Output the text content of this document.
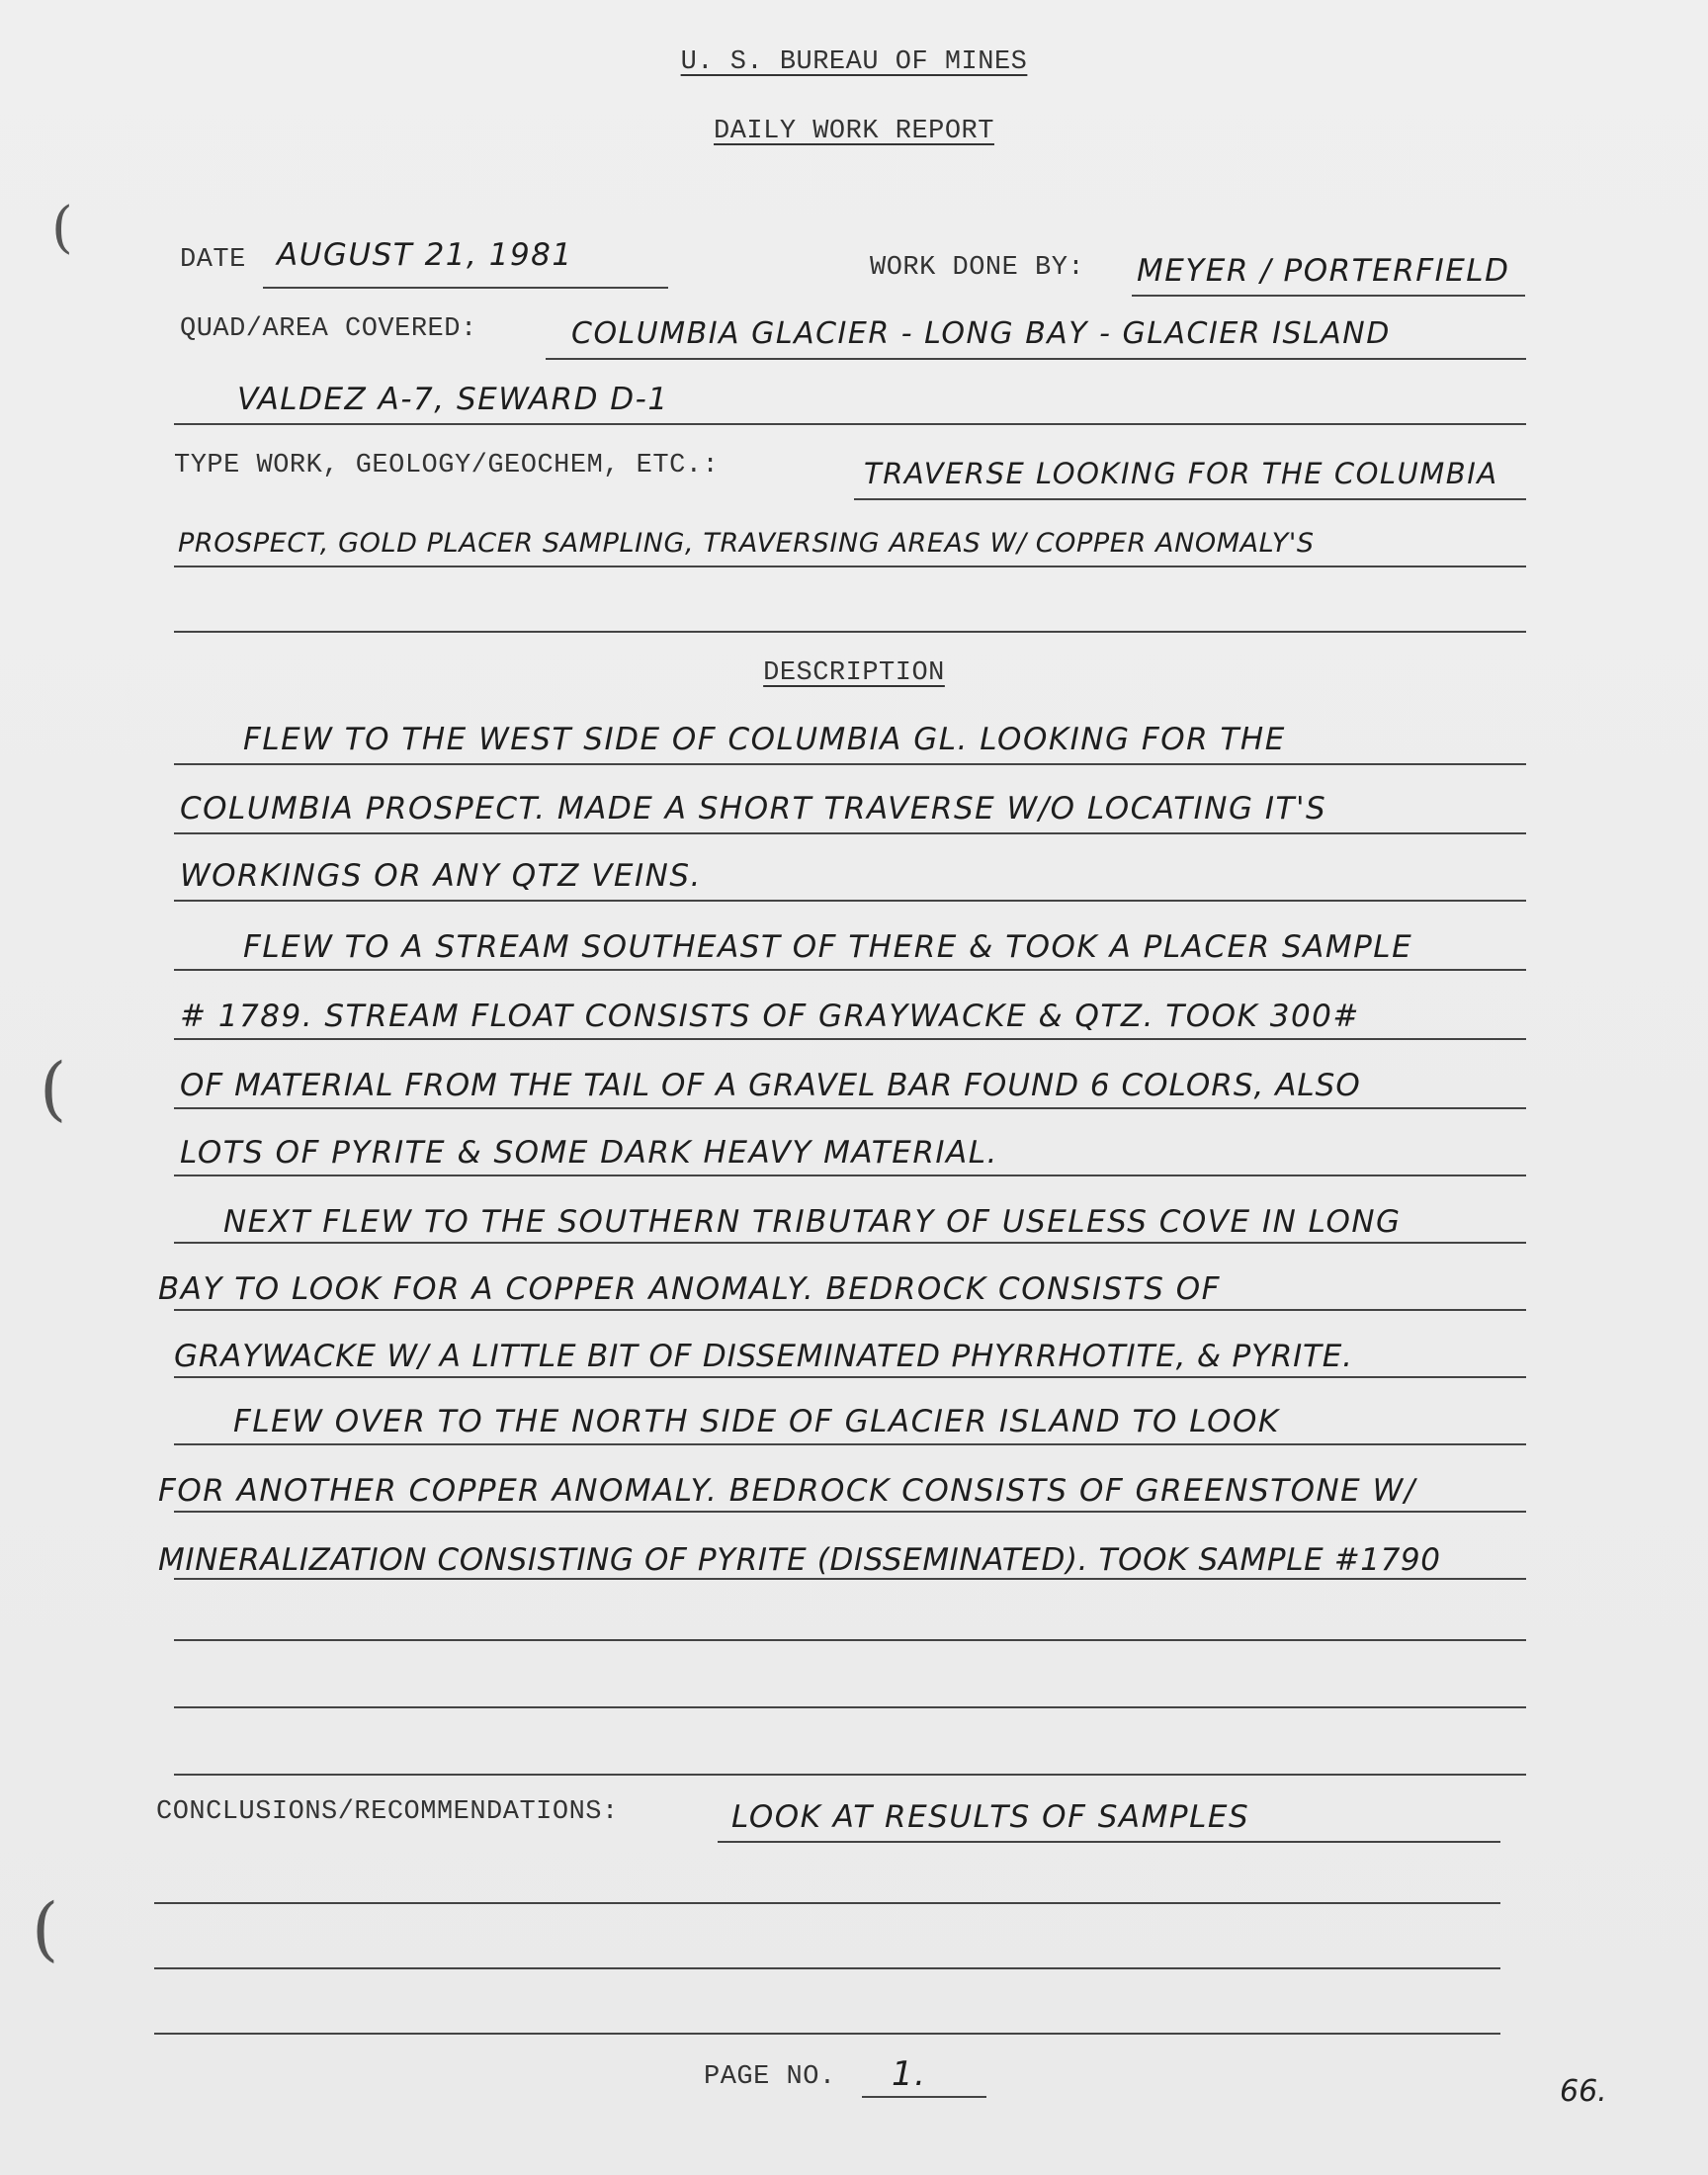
(
(
(
U. S. BUREAU OF MINES
DAILY WORK REPORT
DATE AUGUST 21, 1981	WORK DONE BY: MEYER / PORTERFIELD
QUAD/AREA COVERED:	COLUMBIA GLACIER - LONG BAY - GLACIER ISLAND
VALDEZ A-7, SEWARD D-1
TYPE WORK, GEOLOGY/GEOCHEM, ETC.:	TRAVERSE LOOKING FOR THE COLUMBIA
PROSPECT, GOLD PLACER SAMPLING, TRAVERSING AREAS W/ COPPER ANOMALY'S
DESCRIPTION
FLEW TO THE WEST SIDE OF COLUMBIA GL. LOOKING FOR THE
COLUMBIA PROSPECT. MADE A SHORT TRAVERSE W/O LOCATING IT'S
WORKINGS OR ANY QTZ VEINS.
FLEW TO A STREAM SOUTHEAST OF THERE & TOOK A PLACER SAMPLE
# 1789. STREAM FLOAT CONSISTS OF GRAYWACKE & QTZ. TOOK 300#
OF MATERIAL FROM THE TAIL OF A GRAVEL BAR FOUND 6 COLORS, ALSO
LOTS OF PYRITE & SOME DARK HEAVY MATERIAL.
NEXT FLEW TO THE SOUTHERN TRIBUTARY OF USELESS COVE IN LONG
BAY TO LOOK FOR A COPPER ANOMALY. BEDROCK CONSISTS OF
GRAYWACKE W/ A LITTLE BIT OF DISSEMINATED PHYRRHOTITE, & PYRITE.
FLEW OVER TO THE NORTH SIDE OF GLACIER ISLAND TO LOOK
FOR ANOTHER COPPER ANOMALY. BEDROCK CONSISTS OF GREENSTONE W/
MINERALIZATION CONSISTING OF PYRITE (DISSEMINATED). TOOK SAMPLE #1790
CONCLUSIONS/RECOMMENDATIONS:	LOOK AT RESULTS OF SAMPLES
PAGE NO. 1.	66.
